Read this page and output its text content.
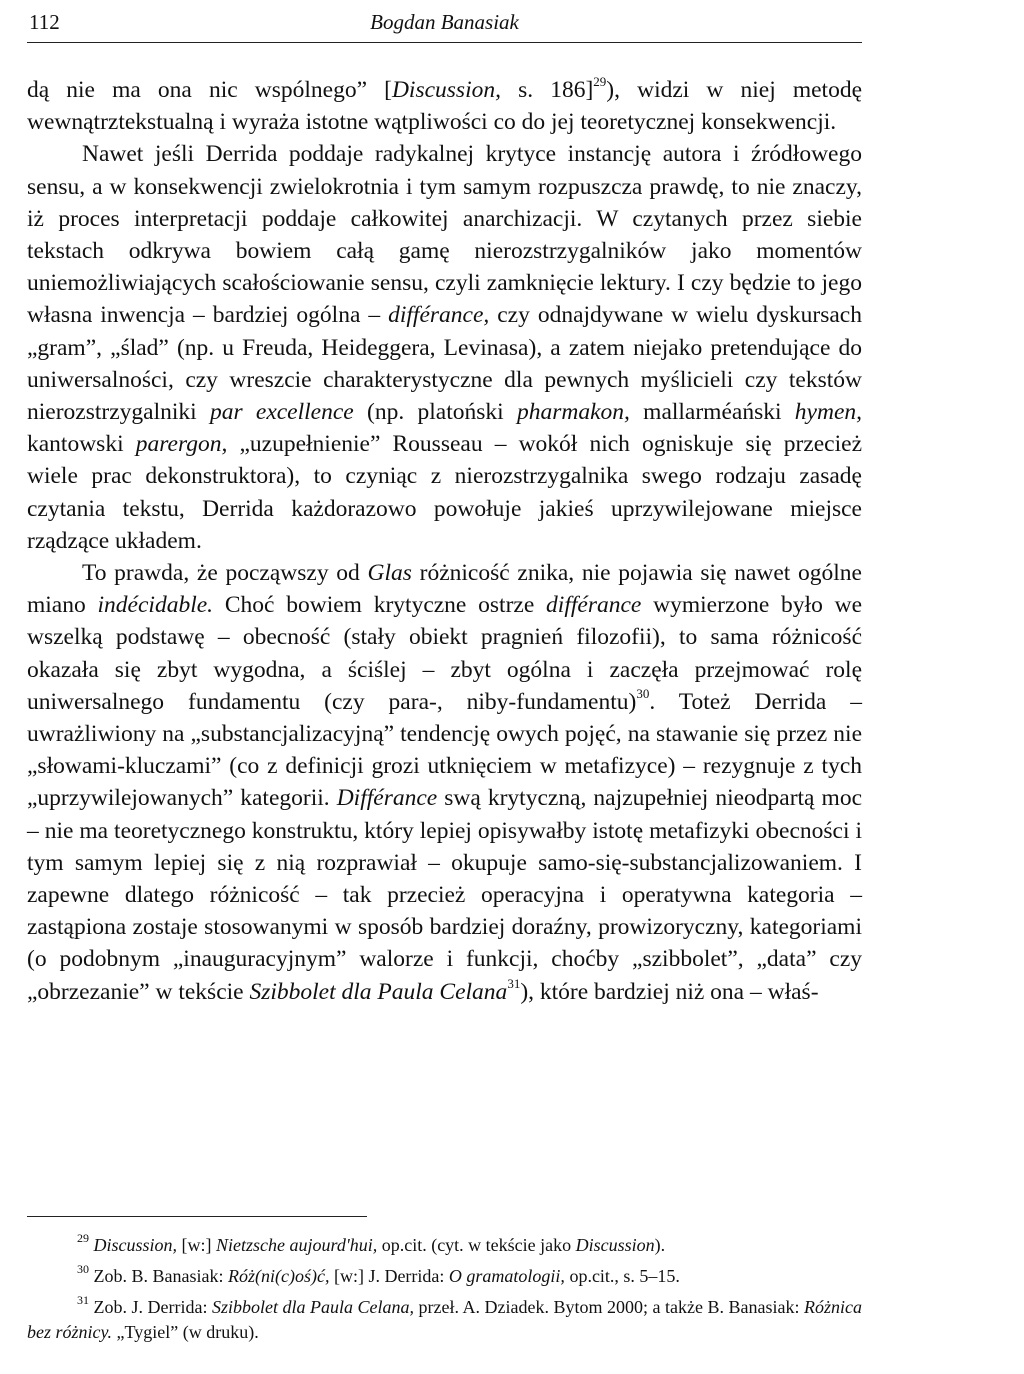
112	Bogdan Banasiak

dą nie ma ona nic wspólnego” [Discussion, s. 186]$^{29}$), widzi w niej metodę wewnątrztekstualną i wyraża istotne wątpliwości co do jej teoretycznej konsekwencji.

Nawet jeśli Derrida poddaje radykalnej krytyce instancję autora i źródłowego sensu, a w konsekwencji zwielokrotnia i tym samym rozpuszcza prawdę, to nie znaczy, iż proces interpretacji poddaje całkowitej anarchizacji. W czytanych przez siebie tekstach odkrywa bowiem całą gamę nierozstrzygalników jako momentów uniemożliwiających scałościowanie sensu, czyli zamknięcie lektury. I czy będzie to jego własna inwencja – bardziej ogólna – différance, czy odnajdywane w wielu dyskursach „gram”, „ślad” (np. u Freuda, Heideggera, Levinasa), a zatem niejako pretendujące do uniwersalności, czy wreszcie charakterystyczne dla pewnych myślicieli czy tekstów nierozstrzygalniki par excellence (np. platoński pharmakon, mallarméański hymen, kantowski parergon, „uzupełnienie” Rousseau – wokół nich ogniskuje się przecież wiele prac dekonstruktora), to czyniąc z nierozstrzygalnika swego rodzaju zasadę czytania tekstu, Derrida każdorazowo powołuje jakieś uprzywilejowane miejsce rządzące układem.

To prawda, że począwszy od Glas różnicość znika, nie pojawia się nawet ogólne miano indécidable. Choć bowiem krytyczne ostrze différance wymierzone było we wszelką podstawę – obecność (stały obiekt pragnień filozofii), to sama różnicość okazała się zbyt wygodna, a ściślej – zbyt ogólna i zaczęła przejmować rolę uniwersalnego fundamentu (czy para-, niby-fundamentu)$^{30}$. Toteż Derrida – uwrażliwiony na „substancjalizacyjną” tendencję owych pojęć, na stawanie się przez nie „słowami-kluczami” (co z definicji grozi utknięciem w metafizyce) – rezygnuje z tych „uprzywilejowanych” kategorii. Différance swą krytyczną, najzupełniej nieodpartą moc – nie ma teoretycznego konstruktu, który lepiej opisywałby istotę metafizyki obecności i tym samym lepiej się z nią rozprawiał – okupuje samo-się-substancjalizowaniem. I zapewne dlatego różnicość – tak przecież operacyjna i operatywna kategoria – zastąpiona zostaje stosowanymi w sposób bardziej doraźny, prowizoryczny, kategoriami (o podobnym „inauguracyjnym” walorze i funkcji, choćby „szibbolet”, „data” czy „obrzezanie” w tekście Szibbolet dla Paula Celana$^{31}$), które bardziej niż ona – właś-

$^{29}$ Discussion, [w:] Nietzsche aujourd'hui, op.cit. (cyt. w tekście jako Discussion).

$^{30}$ Zob. B. Banasiak: Róż(ni(c)oś)ć, [w:] J. Derrida: O gramatologii, op.cit., s. 5–15.

$^{31}$ Zob. J. Derrida: Szibbolet dla Paula Celana, przeł. A. Dziadek. Bytom 2000; a także B. Banasiak: Różnica bez różnicy. „Tygiel” (w druku).
